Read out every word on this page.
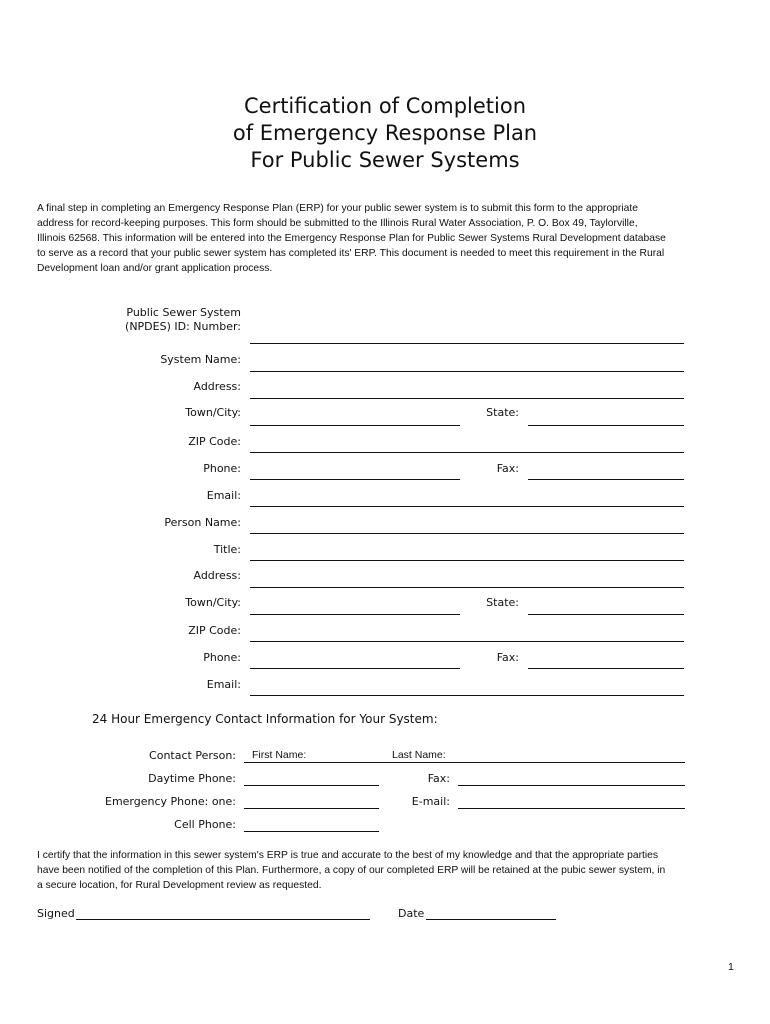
Certification of Completion
of Emergency Response Plan
For Public Sewer Systems
A final step in completing an Emergency Response Plan (ERP) for your public sewer system is to submit this form to the appropriate
address for record-keeping purposes. This form should be submitted to the Illinois Rural Water Association, P. O. Box 49, Taylorville,
Illinois 62568. This information will be entered into the Emergency Response Plan for Public Sewer Systems Rural Development database
to serve as a record that your public sewer system has completed its' ERP. This document is needed to meet this requirement in the Rural
Development loan and/or grant application process.
Public Sewer System
(NPDES) ID: Number:
System Name:
Address:
Town/City:	State:
ZIP Code:
Phone:	Fax:
Email:
Person Name:
Title:
Address:
Town/City:	State:
ZIP Code:
Phone:	Fax:
Email:
24 Hour Emergency Contact Information for Your System:
Contact Person: First Name:	Last Name:
Daytime Phone:	Fax:
Emergency Phone: one:	E-mail:
Cell Phone:
I certify that the information in this sewer system's ERP is true and accurate to the best of my knowledge and that the appropriate parties
have been notified of the completion of this Plan. Furthermore, a copy of our completed ERP will be retained at the pubic sewer system, in
a secure location, for Rural Development review as requested.
Signed	Date
1
